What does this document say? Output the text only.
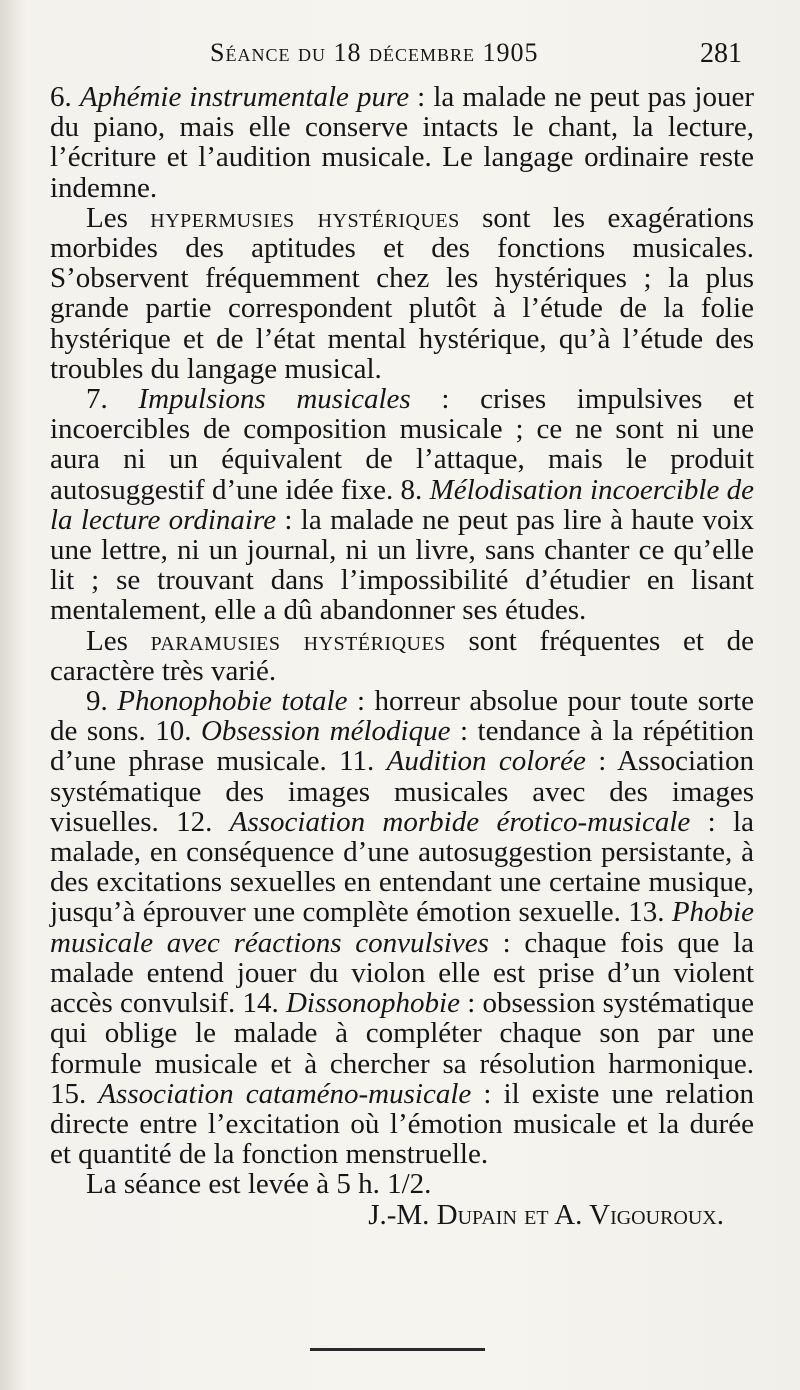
Séance du 18 décembre 1905	281

6. Aphémie instrumentale pure : la malade ne peut pas jouer du piano, mais elle conserve intacts le chant, la lecture, l’écriture et l’audition musicale. Le langage ordinaire reste indemne.

Les hypermusies hystériques sont les exagérations morbides des aptitudes et des fonctions musicales. S’observent fréquemment chez les hystériques ; la plus grande partie correspondent plutôt à l’étude de la folie hystérique et de l’état mental hystérique, qu’à l’étude des troubles du langage musical.

7. Impulsions musicales : crises impulsives et incoercibles de composition musicale ; ce ne sont ni une aura ni un équivalent de l’attaque, mais le produit autosuggestif d’une idée fixe. 8. Mélodisation incoercible de la lecture ordinaire : la malade ne peut pas lire à haute voix une lettre, ni un journal, ni un livre, sans chanter ce qu’elle lit ; se trouvant dans l’impossibilité d’étudier en lisant mentalement, elle a dû abandonner ses études.

Les paramusies hystériques sont fréquentes et de caractère très varié.

9. Phonophobie totale : horreur absolue pour toute sorte de sons. 10. Obsession mélodique : tendance à la répétition d’une phrase musicale. 11. Audition colorée : Association systématique des images musicales avec des images visuelles. 12. Association morbide érotico-musicale : la malade, en conséquence d’une autosuggestion persistante, à des excitations sexuelles en entendant une certaine musique, jusqu’à éprouver une complète émotion sexuelle. 13. Phobie musicale avec réactions convulsives : chaque fois que la malade entend jouer du violon elle est prise d’un violent accès convulsif. 14. Dissonophobie : obsession systématique qui oblige le malade à compléter chaque son par une formule musicale et à chercher sa résolution harmonique. 15. Association cataméno-musicale : il existe une relation directe entre l’excitation où l’émotion musicale et la durée et quantité de la fonction menstruelle.

La séance est levée à 5 h. 1/2.

J.-M. Dupain et A. Vigouroux.
